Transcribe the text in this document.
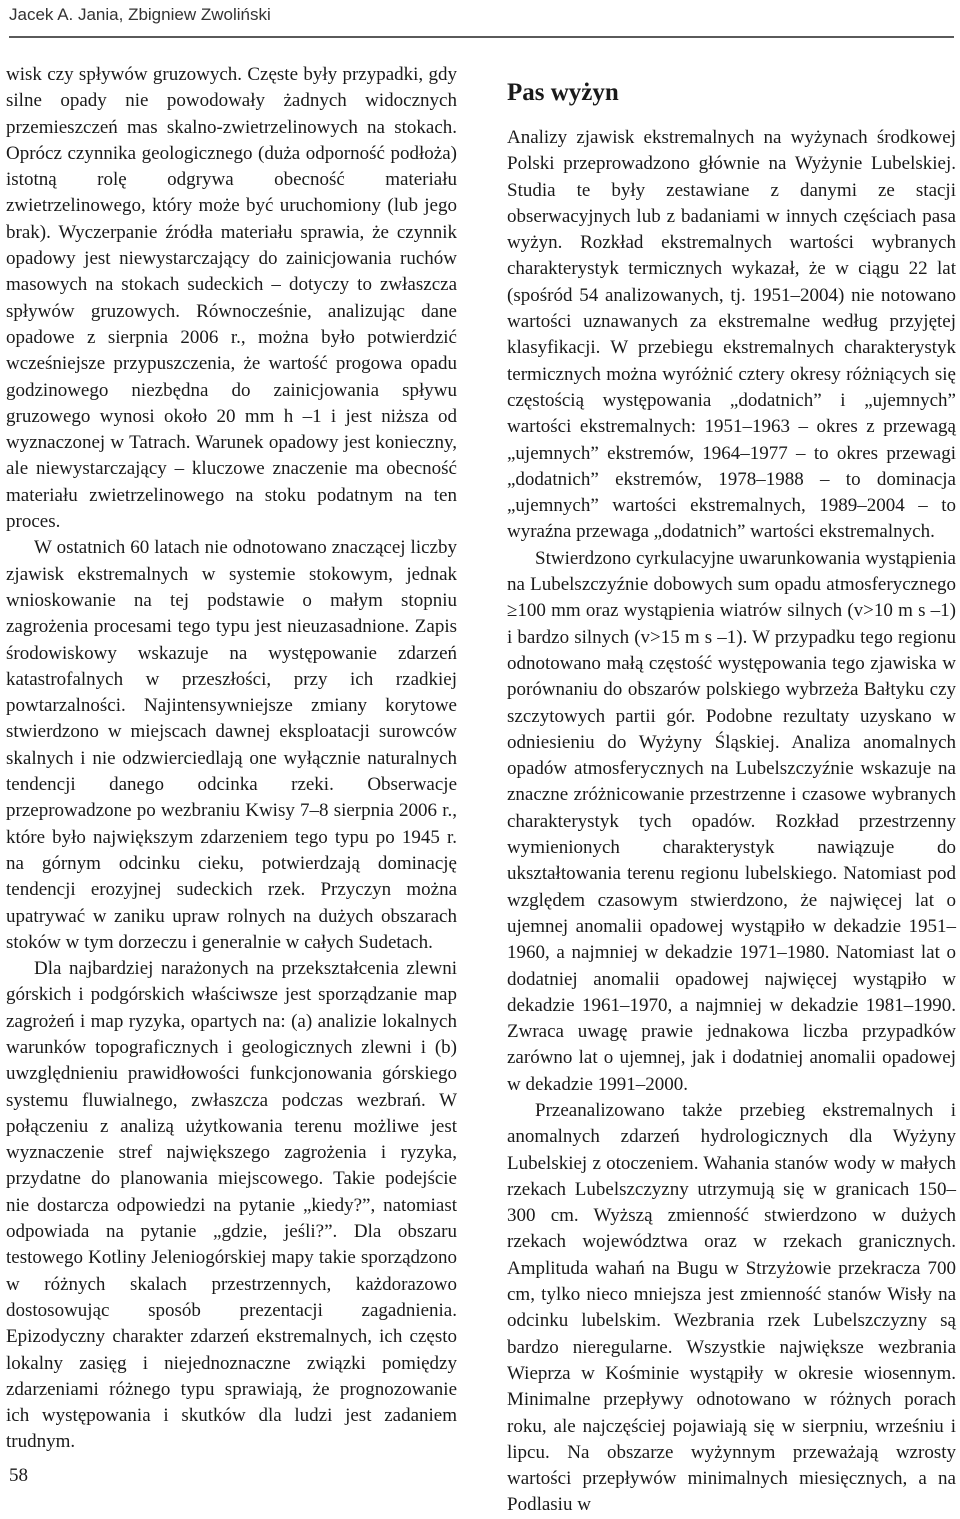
Jacek A. Jania, Zbigniew Zwoliński

wisk czy spływów gruzowych. Częste były przypadki, gdy silne opady nie powodowały żadnych widocznych przemieszczeń mas skalno-zwietrzelinowych na stokach. Oprócz czynnika geologicznego (duża odporność podłoża) istotną rolę odgrywa obecność materiału zwietrzelinowego, który może być uruchomiony (lub jego brak). Wyczerpanie źródła materiału sprawia, że czynnik opadowy jest niewystarczający do zainicjowania ruchów masowych na stokach sudeckich – dotyczy to zwłaszcza spływów gruzowych. Równocześnie, analizując dane opadowe z sierpnia 2006 r., można było potwierdzić wcześniejsze przypuszczenia, że wartość progowa opadu godzinowego niezbędna do zainicjowania spływu gruzowego wynosi około 20 mm h –1 i jest niższa od wyznaczonej w Tatrach. Warunek opadowy jest konieczny, ale niewystarczający – kluczowe znaczenie ma obecność materiału zwietrzelinowego na stoku podatnym na ten proces.

W ostatnich 60 latach nie odnotowano znaczącej liczby zjawisk ekstremalnych w systemie stokowym, jednak wnioskowanie na tej podstawie o małym stopniu zagrożenia procesami tego typu jest nieuzasadnione. Zapis środowiskowy wskazuje na występowanie zdarzeń katastrofalnych w przeszłości, przy ich rzadkiej powtarzalności. Najintensywniejsze zmiany korytowe stwierdzono w miejscach dawnej eksploatacji surowców skalnych i nie odzwierciedlają one wyłącznie naturalnych tendencji danego odcinka rzeki. Obserwacje przeprowadzone po wezbraniu Kwisy 7–8 sierpnia 2006 r., które było największym zdarzeniem tego typu po 1945 r. na górnym odcinku cieku, potwierdzają dominację tendencji erozyjnej sudeckich rzek. Przyczyn można upatrywać w zaniku upraw rolnych na dużych obszarach stoków w tym dorzeczu i generalnie w całych Sudetach.

Dla najbardziej narażonych na przekształcenia zlewni górskich i podgórskich właściwsze jest sporządzanie map zagrożeń i map ryzyka, opartych na: (a) analizie lokalnych warunków topograficznych i geologicznych zlewni i (b) uwzględnieniu prawidłowości funkcjonowania górskiego systemu fluwialnego, zwłaszcza podczas wezbrań. W połączeniu z analizą użytkowania terenu możliwe jest wyznaczenie stref największego zagrożenia i ryzyka, przydatne do planowania miejscowego. Takie podejście nie dostarcza odpowiedzi na pytanie „kiedy?”, natomiast odpowiada na pytanie „gdzie, jeśli?”. Dla obszaru testowego Kotliny Jeleniogórskiej mapy takie sporządzono w różnych skalach przestrzennych, każdorazowo dostosowując sposób prezentacji zagadnienia. Epizodyczny charakter zdarzeń ekstremalnych, ich często lokalny zasięg i niejednoznaczne związki pomiędzy zdarzeniami różnego typu sprawiają, że prognozowanie ich występowania i skutków dla ludzi jest zadaniem trudnym.

Pas wyżyn

Analizy zjawisk ekstremalnych na wyżynach środkowej Polski przeprowadzono głównie na Wyżynie Lubelskiej. Studia te były zestawiane z danymi ze stacji obserwacyjnych lub z badaniami w innych częściach pasa wyżyn. Rozkład ekstremalnych wartości wybranych charakterystyk termicznych wykazał, że w ciągu 22 lat (spośród 54 analizowanych, tj. 1951–2004) nie notowano wartości uznawanych za ekstremalne według przyjętej klasyfikacji. W przebiegu ekstremalnych charakterystyk termicznych można wyróżnić cztery okresy różniących się częstością występowania „dodatnich” i „ujemnych” wartości ekstremalnych: 1951–1963 – okres z przewagą „ujemnych” ekstremów, 1964–1977 – to okres przewagi „dodatnich” ekstremów, 1978–1988 – to dominacja „ujemnych” wartości ekstremalnych, 1989–2004 – to wyraźna przewaga „dodatnich” wartości ekstremalnych.

Stwierdzono cyrkulacyjne uwarunkowania wystąpienia na Lubelszczyźnie dobowych sum opadu atmosferycznego ≥100 mm oraz wystąpienia wiatrów silnych (v>10 m s –1) i bardzo silnych (v>15 m s –1). W przypadku tego regionu odnotowano małą częstość występowania tego zjawiska w porównaniu do obszarów polskiego wybrzeża Bałtyku czy szczytowych partii gór. Podobne rezultaty uzyskano w odniesieniu do Wyżyny Śląskiej. Analiza anomalnych opadów atmosferycznych na Lubelszczyźnie wskazuje na znaczne zróżnicowanie przestrzenne i czasowe wybranych charakterystyk tych opadów. Rozkład przestrzenny wymienionych charakterystyk nawiązuje do ukształtowania terenu regionu lubelskiego. Natomiast pod względem czasowym stwierdzono, że najwięcej lat o ujemnej anomalii opadowej wystąpiło w dekadzie 1951–1960, a najmniej w dekadzie 1971–1980. Natomiast lat o dodatniej anomalii opadowej najwięcej wystąpiło w dekadzie 1961–1970, a najmniej w dekadzie 1981–1990. Zwraca uwagę prawie jednakowa liczba przypadków zarówno lat o ujemnej, jak i dodatniej anomalii opadowej w dekadzie 1991–2000.

Przeanalizowano także przebieg ekstremalnych i anomalnych zdarzeń hydrologicznych dla Wyżyny Lubelskiej z otoczeniem. Wahania stanów wody w małych rzekach Lubelszczyzny utrzymują się w granicach 150–300 cm. Wyższą zmienność stwierdzono w dużych rzekach województwa oraz w rzekach granicznych. Amplituda wahań na Bugu w Strzyżowie przekracza 700 cm, tylko nieco mniejsza jest zmienność stanów Wisły na odcinku lubelskim. Wezbrania rzek Lubelszczyzny są bardzo nieregularne. Wszystkie największe wezbrania Wieprza w Kośminie wystąpiły w okresie wiosennym. Minimalne przepływy odnotowano w różnych porach roku, ale najczęściej pojawiają się w sierpniu, wrześniu i lipcu. Na obszarze wyżynnym przeważają wzrosty wartości przepływów minimalnych miesięcznych, a na Podlasiu w

58
